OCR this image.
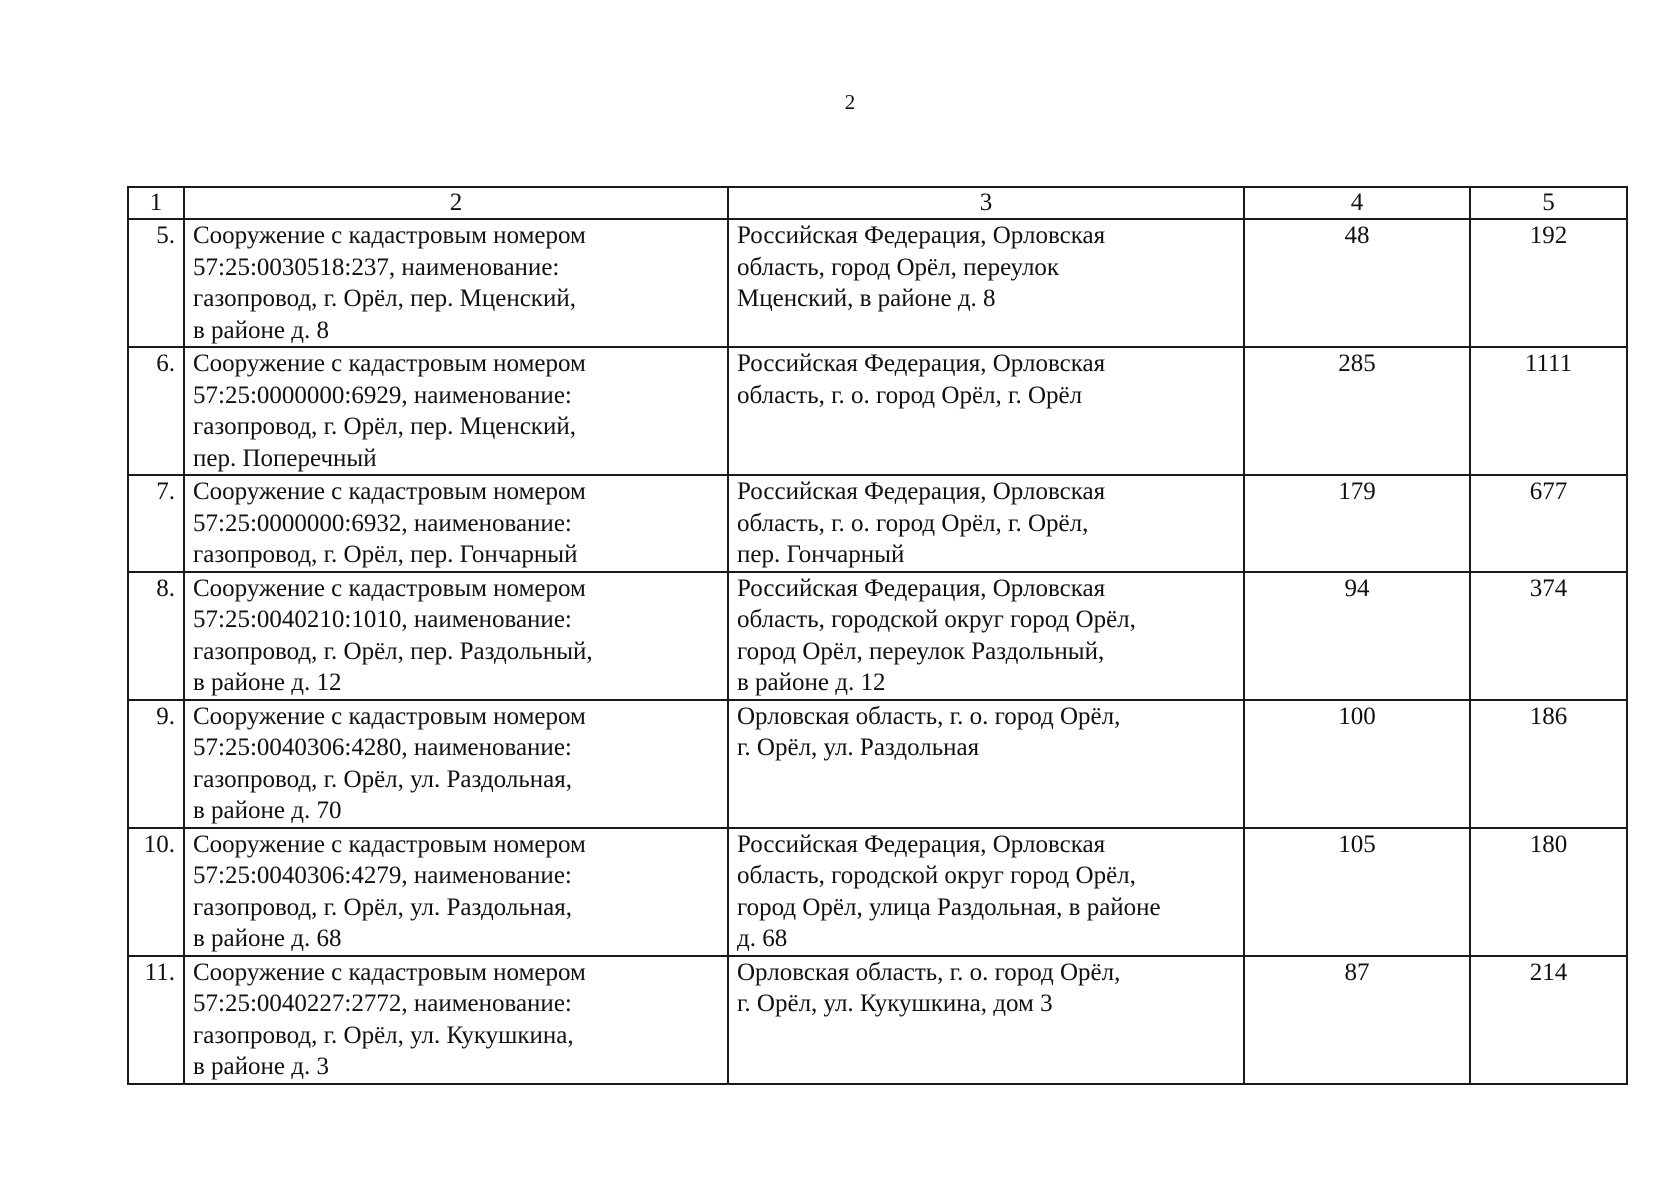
2
1	2	3	4	5
5.	Сооружение с кадастровым номером
57:25:0030518:237, наименование:
газопровод, г. Орёл, пер. Мценский,
в районе д. 8	Российская Федерация, Орловская
область, город Орёл, переулок
Мценский, в районе д. 8	48	192
6.	Сооружение с кадастровым номером
57:25:0000000:6929, наименование:
газопровод, г. Орёл, пер. Мценский,
пер. Поперечный	Российская Федерация, Орловская
область, г. о. город Орёл, г. Орёл	285	1111
7.	Сооружение с кадастровым номером
57:25:0000000:6932, наименование:
газопровод, г. Орёл, пер. Гончарный	Российская Федерация, Орловская
область, г. о. город Орёл, г. Орёл,
пер. Гончарный	179	677
8.	Сооружение с кадастровым номером
57:25:0040210:1010, наименование:
газопровод, г. Орёл, пер. Раздольный,
в районе д. 12	Российская Федерация, Орловская
область, городской округ город Орёл,
город Орёл, переулок Раздольный,
в районе д. 12	94	374
9.	Сооружение с кадастровым номером
57:25:0040306:4280, наименование:
газопровод, г. Орёл, ул. Раздольная,
в районе д. 70	Орловская область, г. о. город Орёл,
г. Орёл, ул. Раздольная	100	186
10.	Сооружение с кадастровым номером
57:25:0040306:4279, наименование:
газопровод, г. Орёл, ул. Раздольная,
в районе д. 68	Российская Федерация, Орловская
область, городской округ город Орёл,
город Орёл, улица Раздольная, в районе
д. 68	105	180
11.	Сооружение с кадастровым номером
57:25:0040227:2772, наименование:
газопровод, г. Орёл, ул. Кукушкина,
в районе д. 3	Орловская область, г. о. город Орёл,
г. Орёл, ул. Кукушкина, дом 3	87	214
